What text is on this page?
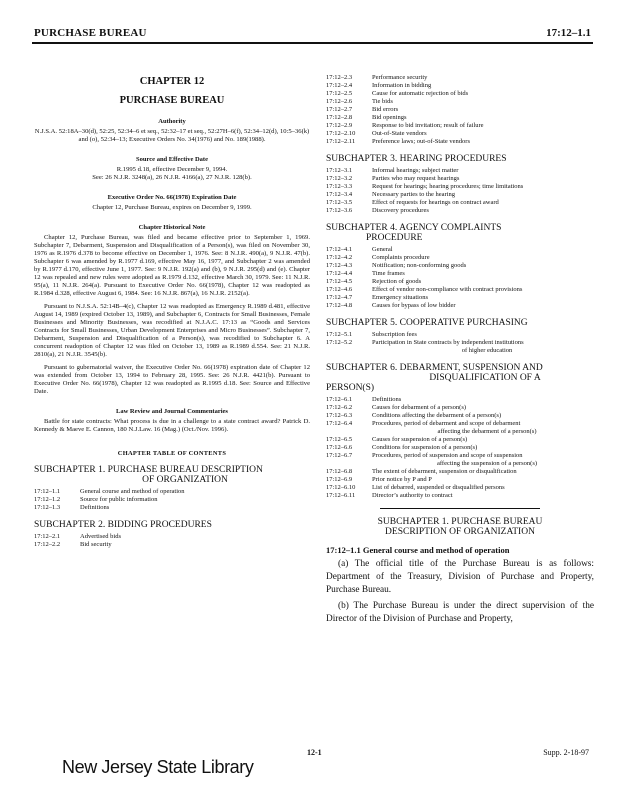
PURCHASE BUREAU	17:12–1.1
CHAPTER 12
PURCHASE BUREAU
Authority

N.J.S.A. 52:18A–30(d), 52:25, 52:34–6 et seq., 52:32–17 et seq., 52:27H–6(f), 52:34–12(d), 10:5–36(k) and (o), 52:34–13; Executive Orders No. 34(1976) and No. 189(1988).

Source and Effective Date

R.1995 d.18, effective December 9, 1994.

See: 26 N.J.R. 3248(a), 26 N.J.R. 4166(a), 27 N.J.R. 128(b).

Executive Order No. 66(1978) Expiration Date

Chapter 12, Purchase Bureau, expires on December 9, 1999.

Chapter Historical Note

Chapter 12, Purchase Bureau, was filed and became effective prior to September 1, 1969. Subchapter 7, Debarment, Suspension and Disqualification of a Person(s), was filed on November 30, 1976 as R.1976 d.378 to become effective on December 1, 1976. See: 8 N.J.R. 490(a), 9 N.J.R. 47(b). Subchapter 6 was amended by R.1977 d.169, effective May 16, 1977, and Subchapter 2 was amended by R.1977 d.170, effective June 1, 1977. See: 9 N.J.R. 192(a) and (b), 9 N.J.R. 295(d) and (e). Chapter 12 was repealed and new rules were adopted as R.1979 d.132, effective March 30, 1979. See: 11 N.J.R. 95(a), 11 N.J.R. 264(a). Pursuant to Executive Order No. 66(1978), Chapter 12 was readopted as R.1984 d.328, effective August 6, 1984. See: 16 N.J.R. 867(a), 16 N.J.R. 2152(a).

Pursuant to N.J.S.A. 52:14B–4(c), Chapter 12 was readopted as Emergency R.1989 d.481, effective August 14, 1989 (expired October 13, 1989), and Subchapter 6, Contracts for Small Businesses, Female Businesses and Minority Businesses, was recodified at N.J.A.C. 17:13 as “Goods and Services Contracts for Small Businesses, Urban Development Enterprises and Micro Businesses”. Subchapter 7, Debarment, Suspension and Disqualification of a Person(s), was recodified to Subchapter 6. A concurrent readoption of Chapter 12 was filed on October 13, 1989 as R.1989 d.554. See: 21 N.J.R. 2810(a), 21 N.J.R. 3545(b).

Pursuant to gubernatorial waiver, the Executive Order No. 66(1978) expiration date of Chapter 12 was extended from October 13, 1994 to February 28, 1995. See: 26 N.J.R. 4421(b). Pursuant to Executive Order No. 66(1978), Chapter 12 was readopted as R.1995 d.18. See: Source and Effective Date.

Law Review and Journal Commentaries

Battle for state contracts: What process is due in a challenge to a state contract award? Patrick D. Kennedy & Maeve E. Cannon, 180 N.J.Law. 16 (Mag.) (Oct./Nov. 1996).

CHAPTER TABLE OF CONTENTS
SUBCHAPTER 1. PURCHASE BUREAU DESCRIPTION
OF ORGANIZATION
17:12–1.1	General course and method of operation
17:12–1.2	Source for public information
17:12–1.3	Definitions
SUBCHAPTER 2. BIDDING PROCEDURES
17:12–2.1	Advertised bids
17:12–2.2	Bid security
17:12–2.3	Performance security
17:12–2.4	Information in bidding
17:12–2.5	Cause for automatic rejection of bids
17:12–2.6	Tie bids
17:12–2.7	Bid errors
17:12–2.8	Bid openings
17:12–2.9	Response to bid invitation; result of failure
17:12–2.10	Out-of-State vendors
17:12–2.11	Preference laws; out-of-State vendors
SUBCHAPTER 3. HEARING PROCEDURES
17:12–3.1	Informal hearings; subject matter
17:12–3.2	Parties who may request hearings
17:12–3.3	Request for hearings; hearing procedures; time limitations
17:12–3.4	Necessary parties to the hearing
17:12–3.5	Effect of requests for hearings on contract award
17:12–3.6	Discovery procedures
SUBCHAPTER 4. AGENCY COMPLAINTS
PROCEDURE
17:12–4.1	General
17:12–4.2	Complaints procedure
17:12–4.3	Notification; non-conforming goods
17:12–4.4	Time frames
17:12–4.5	Rejection of goods
17:12–4.6	Effect of vendor non-compliance with contract provisions
17:12–4.7	Emergency situations
17:12–4.8	Causes for bypass of low bidder
SUBCHAPTER 5. COOPERATIVE PURCHASING
17:12–5.1	Subscription fees
17:12–5.2	Participation in State contracts by independent institutions

of higher education
SUBCHAPTER 6. DEBARMENT, SUSPENSION AND
DISQUALIFICATION OF A
PERSON(S)
17:12–6.1	Definitions
17:12–6.2	Causes for debarment of a person(s)
17:12–6.3	Conditions affecting the debarment of a person(s)
17:12–6.4	Procedures, period of debarment and scope of debarment

affecting the debarment of a person(s)

17:12–6.5	Causes for suspension of a person(s)
17:12–6.6	Conditions for suspension of a person(s)
17:12–6.7	Procedures, period of suspension and scope of suspension

affecting the suspension of a person(s)

17:12–6.8	The extent of debarment, suspension or disqualification
17:12–6.9	Prior notice by P and P
17:12–6.10	List of debarred, suspended or disqualified persons
17:12–6.11	Director’s authority to contract
SUBCHAPTER 1. PURCHASE BUREAU
DESCRIPTION OF ORGANIZATION
17:12–1.1 General course and method of operation

(a) The official title of the Purchase Bureau is as follows: Department of the Treasury, Division of Purchase and Property, Purchase Bureau.

(b) The Purchase Bureau is under the direct supervision of the Director of the Division of Purchase and Property,

12-1	Supp. 2-18-97
New Jersey State Library
